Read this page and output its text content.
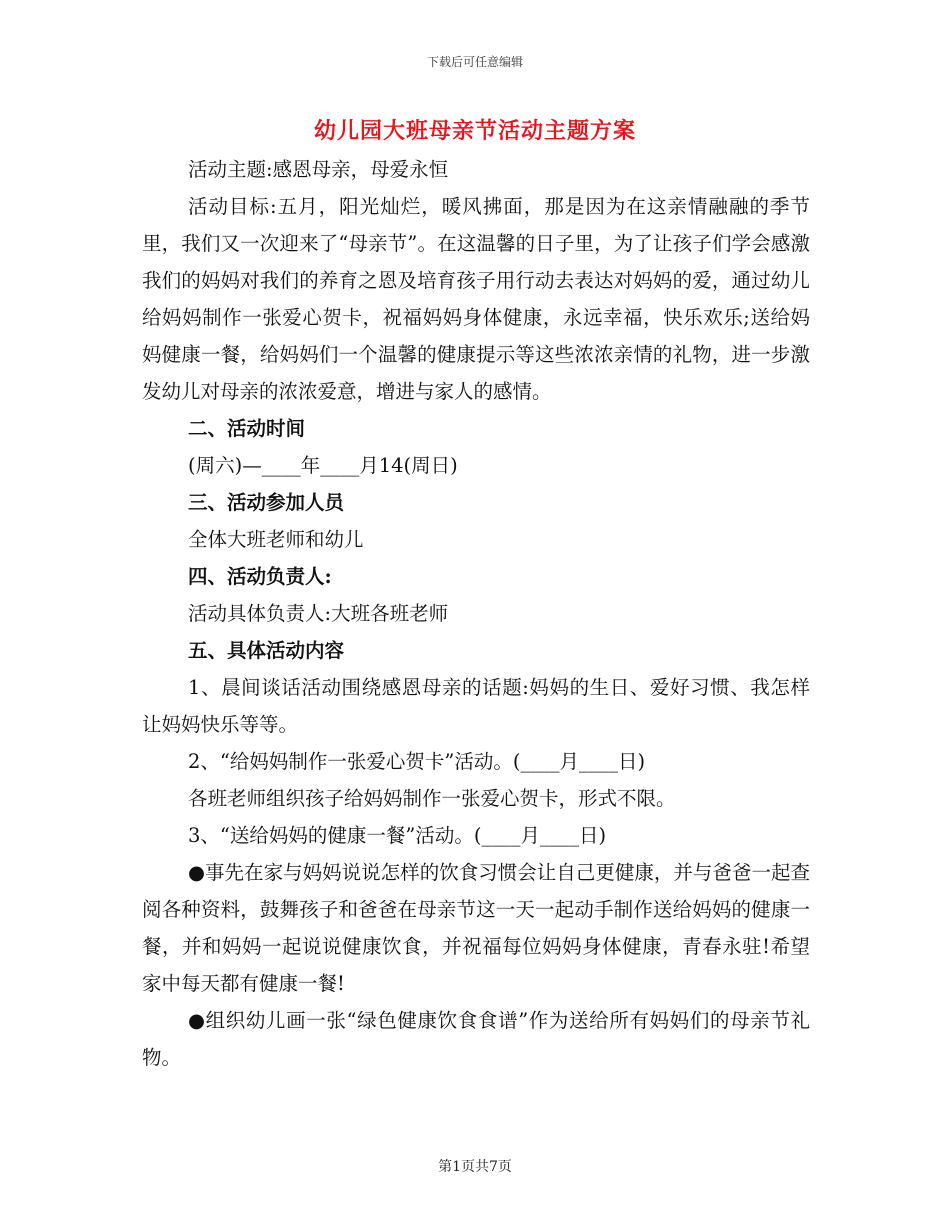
下载后可任意编辑
幼儿园大班母亲节活动主题方案

活动主题:感恩母亲，母爱永恒

活动目标:五月，阳光灿烂，暖风拂面，那是因为在这亲情融融的季节里，我们又一次迎来了“母亲节”。在这温馨的日子里，为了让孩子们学会感激我们的妈妈对我们的养育之恩及培育孩子用行动去表达对妈妈的爱，通过幼儿给妈妈制作一张爱心贺卡，祝福妈妈身体健康，永远幸福，快乐欢乐;送给妈妈健康一餐，给妈妈们一个温馨的健康提示等这些浓浓亲情的礼物，进一步激发幼儿对母亲的浓浓爱意，增进与家人的感情。

二、活动时间

(周六)—____年____月14(周日)

三、活动参加人员

全体大班老师和幼儿

四、活动负责人:

活动具体负责人:大班各班老师

五、具体活动内容

1、晨间谈话活动围绕感恩母亲的话题:妈妈的生日、爱好习惯、我怎样让妈妈快乐等等。

2、“给妈妈制作一张爱心贺卡”活动。(____月____日)

各班老师组织孩子给妈妈制作一张爱心贺卡，形式不限。

3、“送给妈妈的健康一餐”活动。(____月____日)

●事先在家与妈妈说说怎样的饮食习惯会让自己更健康，并与爸爸一起查阅各种资料，鼓舞孩子和爸爸在母亲节这一天一起动手制作送给妈妈的健康一餐，并和妈妈一起说说健康饮食，并祝福每位妈妈身体健康，青春永驻!希望家中每天都有健康一餐!

●组织幼儿画一张“绿色健康饮食食谱”作为送给所有妈妈们的母亲节礼物。

第1页共7页
